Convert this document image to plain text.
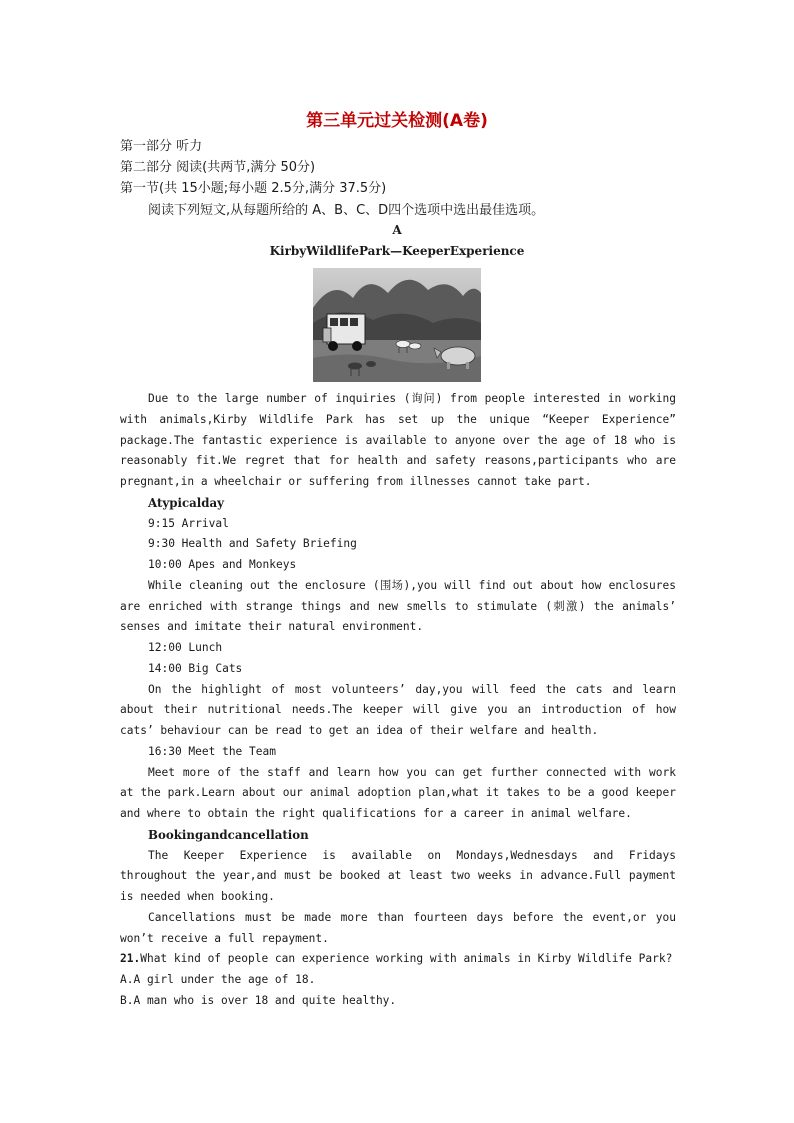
第三单元过关检测(A卷)
第一部分 听力
第二部分 阅读(共两节,满分 50分)
第一节(共 15小题;每小题 2.5分,满分 37.5分)
阅读下列短文,从每题所给的 A、B、C、D四个选项中选出最佳选项。
A
KirbyWildlifePark—KeeperExperience

Due to the large number of inquiries (询问) from people interested in working with animals,Kirby Wildlife Park has set up the unique “Keeper Experience” package.The fantastic experience is available to anyone over the age of 18 who is reasonably fit.We regret that for health and safety reasons,participants who are pregnant,in a wheelchair or suffering from illnesses cannot take part.

Atypicalday

9:15 Arrival

9:30 Health and Safety Briefing

10:00 Apes and Monkeys

While cleaning out the enclosure (围场),you will find out about how enclosures are enriched with strange things and new smells to stimulate (刺激) the animals’ senses and imitate their natural environment.

12:00 Lunch

14:00 Big Cats

On the highlight of most volunteers’ day,you will feed the cats and learn about their nutritional needs.The keeper will give you an introduction of how cats’ behaviour can be read to get an idea of their welfare and health.

16:30 Meet the Team

Meet more of the staff and learn how you can get further connected with work at the park.Learn about our animal adoption plan,what it takes to be a good keeper and where to obtain the right qualifications for a career in animal welfare.

Bookingandcancellation

The Keeper Experience is available on Mondays,Wednesdays and Fridays throughout the year,and must be booked at least two weeks in advance.Full payment is needed when booking.

Cancellations must be made more than fourteen days before the event,or you won’t receive a full repayment.

21.What kind of people can experience working with animals in Kirby Wildlife Park?

A.A girl under the age of 18.

B.A man who is over 18 and quite healthy.
